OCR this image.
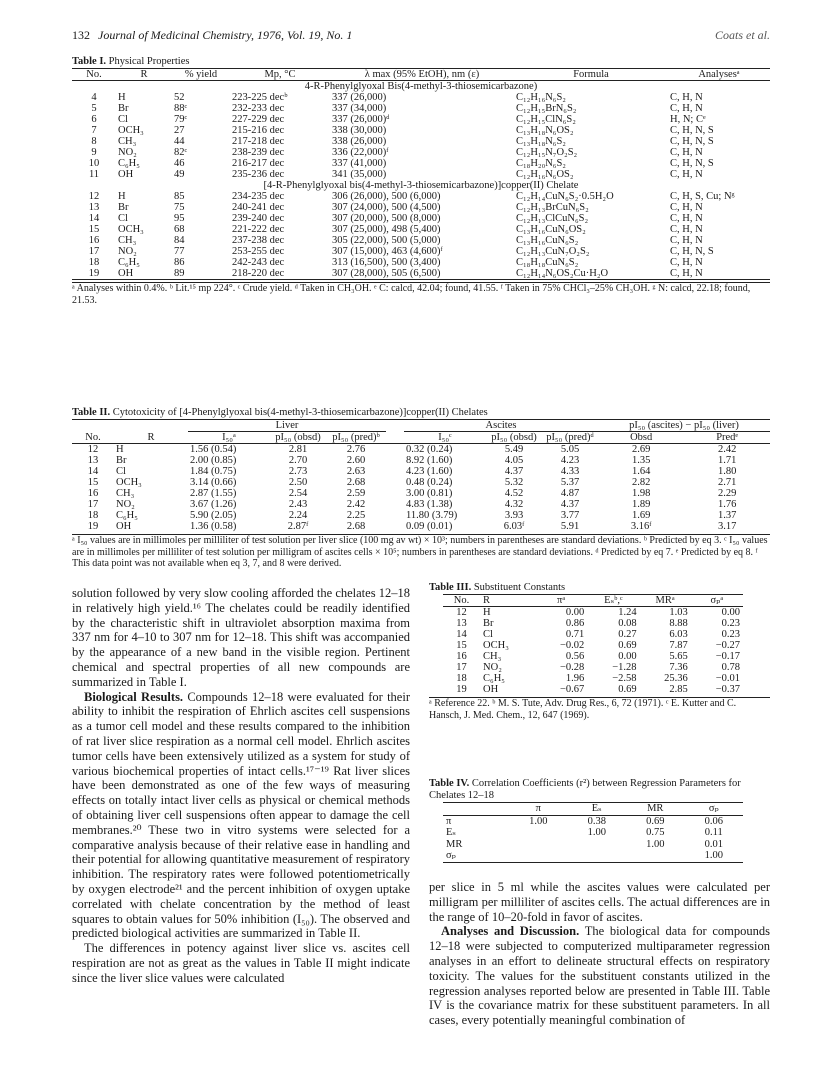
132 Journal of Medicinal Chemistry, 1976, Vol. 19, No. 1	Coats et al.
Table I. Physical Properties
No.	R	% yield	Mp, °C	λ max (95% EtOH), nm (ε)	Formula	Analysesᵃ
4-R-Phenylglyoxal Bis(4-methyl-3-thiosemicarbazone)						
4	H	52	223-225 decᵇ	337 (26,000)	C₁₂H₁₆N₆S₂	C, H, N
5	Br	88ᶜ	232-233 dec	337 (34,000)	C₁₂H₁₅BrN₆S₂	C, H, N
6	Cl	79ᶜ	227-229 dec	337 (26,000)ᵈ	C₁₂H₁₅ClN₆S₂	H, N; Cᵉ
7	OCH₃	27	215-216 dec	338 (30,000)	C₁₃H₁₈N₆OS₂	C, H, N, S
8	CH₃	44	217-218 dec	338 (26,000)	C₁₃H₁₈N₆S₂	C, H, N, S
9	NO₂	82ᶜ	238-239 dec	336 (22,000)ᶠ	C₁₂H₁₅N₇O₂S₂	C, H, N
10	C₆H₅	46	216-217 dec	337 (41,000)	C₁₈H₂₀N₆S₂	C, H, N, S
11	OH	49	235-236 dec	341 (35,000)	C₁₂H₁₆N₆OS₂	C, H, N
[4-R-Phenylglyoxal bis(4-methyl-3-thiosemicarbazone)]copper(II) Chelate						
12	H	85	234-235 dec	306 (26,000), 500 (6,000)	C₁₂H₁₄CuN₆S₂·0.5H₂O	C, H, S, Cu; Nᵍ
13	Br	75	240-241 dec	307 (24,000), 500 (4,500)	C₁₂H₁₃BrCuN₆S₂	C, H, N
14	Cl	95	239-240 dec	307 (20,000), 500 (8,000)	C₁₂H₁₃ClCuN₆S₂	C, H, N
15	OCH₃	68	221-222 dec	307 (25,000), 498 (5,400)	C₁₃H₁₆CuN₆OS₂	C, H, N
16	CH₃	84	237-238 dec	305 (22,000), 500 (5,000)	C₁₃H₁₆CuN₆S₂	C, H, N
17	NO₂	77	253-255 dec	307 (15,000), 463 (4,600)ᶠ	C₁₂H₁₃CuN₇O₂S₂	C, H, N, S
18	C₆H₅	86	242-243 dec	313 (16,500), 500 (3,400)	C₁₈H₁₈CuN₆S₂	C, H, N
19	OH	89	218-220 dec	307 (28,000), 505 (6,500)	C₁₂H₁₄N₆OS₂Cu·H₂O	C, H, N
ᵃ Analyses within 0.4%. ᵇ Lit.¹⁵ mp 224°. ᶜ Crude yield. ᵈ Taken in CH₃OH. ᵉ C: calcd, 42.04; found, 41.55. ᶠ Taken in 75% CHCl₃–25% CH₃OH. ᵍ N: calcd, 22.18; found, 21.53.
Table II. Cytotoxicity of [4-Phenylglyoxal bis(4-methyl-3-thiosemicarbazone)]copper(II) Chelates
		Liver				Ascites			pI₅₀ (ascites) − pI₅₀ (liver)	
No.	R	I₅₀ᵃ	pI₅₀ (obsd)	pI₅₀ (pred)ᵇ		I₅₀ᶜ	pI₅₀ (obsd)	pI₅₀ (pred)ᵈ	Obsd	Predᵉ
12	H	1.56 (0.54)	2.81	2.76		0.32 (0.24)	5.49	5.05	2.69	2.42
13	Br	2.00 (0.85)	2.70	2.60		8.92 (1.60)	4.05	4.23	1.35	1.71
14	Cl	1.84 (0.75)	2.73	2.63		4.23 (1.60)	4.37	4.33	1.64	1.80
15	OCH₃	3.14 (0.66)	2.50	2.68		0.48 (0.24)	5.32	5.37	2.82	2.71
16	CH₃	2.87 (1.55)	2.54	2.59		3.00 (0.81)	4.52	4.87	1.98	2.29
17	NO₂	3.67 (1.26)	2.43	2.42		4.83 (1.38)	4.32	4.37	1.89	1.76
18	C₆H₅	5.90 (2.05)	2.24	2.25		11.80 (3.79)	3.93	3.77	1.69	1.37
19	OH	1.36 (0.58)	2.87ᶠ	2.68		0.09 (0.01)	6.03ᶠ	5.91	3.16ᶠ	3.17
ᵃ I₅₀ values are in millimoles per milliliter of test solution per liver slice (100 mg av wt) × 10³; numbers in parentheses are standard deviations. ᵇ Predicted by eq 3. ᶜ I₅₀ values are in millimoles per milliliter of test solution per milligram of ascites cells × 10⁵; numbers in parentheses are standard deviations. ᵈ Predicted by eq 7. ᵉ Predicted by eq 8. ᶠ This data point was not available when eq 3, 7, and 8 were derived.

solution followed by very slow cooling afforded the chelates 12–18 in relatively high yield.¹⁶ The chelates could be readily identified by the characteristic shift in ultraviolet absorption maxima from 337 nm for 4–10 to 307 nm for 12–18. This shift was accompanied by the appearance of a new band in the visible region. Pertinent chemical and spectral properties of all new compounds are summarized in Table I.

Biological Results. Compounds 12–18 were evaluated for their ability to inhibit the respiration of Ehrlich ascites cell suspensions as a tumor cell model and these results compared to the inhibition of rat liver slice respiration as a normal cell model. Ehrlich ascites tumor cells have been extensively utilized as a system for study of various biochemical properties of intact cells.¹⁷⁻¹⁹ Rat liver slices have been demonstrated as one of the few ways of measuring effects on totally intact liver cells as physical or chemical methods of obtaining liver cell suspensions often appear to damage the cell membranes.²⁰ These two in vitro systems were selected for a comparative analysis because of their relative ease in handling and their potential for allowing quantitative measurement of respiratory inhibition. The respiratory rates were followed potentiometrically by oxygen electrode²¹ and the percent inhibition of oxygen uptake correlated with chelate concentration by the method of least squares to obtain values for 50% inhibition (I₅₀). The observed and predicted biological activities are summarized in Table II.

The differences in potency against liver slice vs. ascites cell respiration are not as great as the values in Table II might indicate since the liver slice values were calculated

Table III. Substituent Constants
No.	R	πᵃ	Eₛᵇ,ᶜ	MRᵃ	σₚᵃ
12	H	0.00	1.24	1.03	0.00
13	Br	0.86	0.08	8.88	0.23
14	Cl	0.71	0.27	6.03	0.23
15	OCH₃	−0.02	0.69	7.87	−0.27
16	CH₃	0.56	0.00	5.65	−0.17
17	NO₂	−0.28	−1.28	7.36	0.78
18	C₆H₅	1.96	−2.58	25.36	−0.01
19	OH	−0.67	0.69	2.85	−0.37
ᵃ Reference 22. ᵇ M. S. Tute, Adv. Drug Res., 6, 72 (1971). ᶜ E. Kutter and C. Hansch, J. Med. Chem., 12, 647 (1969).
Table IV. Correlation Coefficients (r²) between Regression Parameters for Chelates 12–18
	π	Eₛ	MR	σₚ
π	1.00	0.38	0.69	0.06
Eₛ		1.00	0.75	0.11
MR			1.00	0.01
σₚ				1.00

per slice in 5 ml while the ascites values were calculated per milligram per milliliter of ascites cells. The actual differences are in the range of 10–20-fold in favor of ascites.

Analyses and Discussion. The biological data for compounds 12–18 were subjected to computerized multiparameter regression analyses in an effort to delineate structural effects on respiratory toxicity. The values for the substituent constants utilized in the regression analyses reported below are presented in Table III. Table IV is the covariance matrix for these substituent parameters. In all cases, every potentially meaningful combination of
